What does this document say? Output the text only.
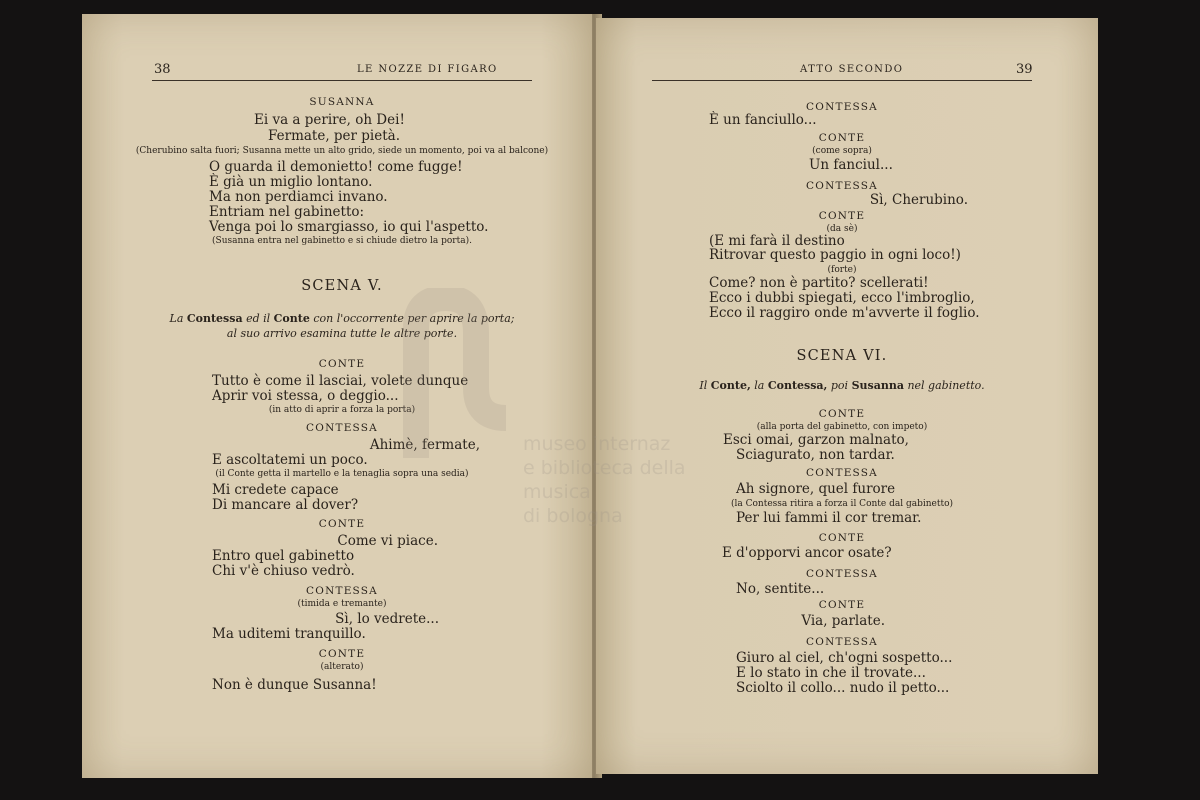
38	LE NOZZE DI FIGARO
SUSANNA
Ei va a perire, oh Dei!
Fermate, per pietà.
(Cherubino salta fuori; Susanna mette un alto grido, siede un momento, poi va al balcone)
O guarda il demonietto! come fugge!
È già un miglio lontano.
Ma non perdiamci invano.
Entriam nel gabinetto:
Venga poi lo smargiasso, io qui l'aspetto.
(Susanna entra nel gabinetto e si chiude dietro la porta).
SCENA V.
La Contessa ed il Conte con l'occorrente per aprire la porta;
al suo arrivo esamina tutte le altre porte.
CONTE
Tutto è come il lasciai, volete dunque
Aprir voi stessa, o deggio...
(in atto di aprir a forza la porta)
CONTESSA
Ahimè, fermate,
E ascoltatemi un poco.
(il Conte getta il martello e la tenaglia sopra una sedia)
Mi credete capace
Di mancare al dover?
CONTE
Come vi piace.
Entro quel gabinetto
Chi v'è chiuso vedrò.
CONTESSA
(timida e tremante)
Sì, lo vedrete...
Ma uditemi tranquillo.
CONTE
(alterato)
Non è dunque Susanna!
ATTO SECONDO	39
CONTESSA
È un fanciullo...
CONTE
(come sopra)
Un fanciul...
CONTESSA
Sì, Cherubino.
CONTE
(da sè)
(E mi farà il destino
Ritrovar questo paggio in ogni loco!)
(forte)
Come? non è partito? scellerati!
Ecco i dubbi spiegati, ecco l'imbroglio,
Ecco il raggiro onde m'avverte il foglio.
SCENA VI.
Il Conte, la Contessa, poi Susanna nel gabinetto.
CONTE
(alla porta del gabinetto, con impeto)
Esci omai, garzon malnato,
Sciagurato, non tardar.
CONTESSA
Ah signore, quel furore
(la Contessa ritira a forza il Conte dal gabinetto)
Per lui fammi il cor tremar.
CONTE
E d'opporvi ancor osate?
CONTESSA
No, sentite...
CONTE
Via, parlate.
CONTESSA
Giuro al ciel, ch'ogni sospetto...
E lo stato in che il trovate...
Sciolto il collo... nudo il petto...
museo internaz
e biblioteca della musica
di bologna
